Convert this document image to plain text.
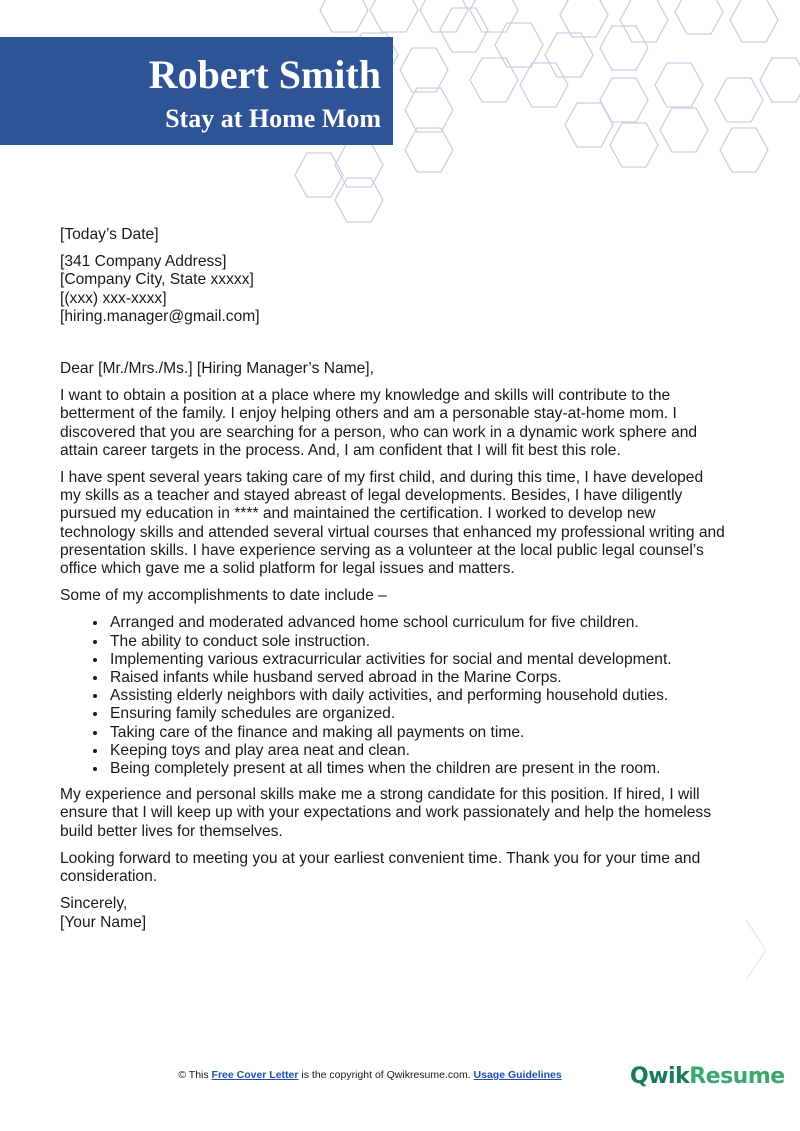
Robert Smith
Stay at Home Mom

[Today’s Date]

[341 Company Address]
[Company City, State xxxxx]
[(xxx) xxx-xxxx]
[hiring.manager@gmail.com]

Dear [Mr./Mrs./Ms.] [Hiring Manager’s Name],

I want to obtain a position at a place where my knowledge and skills will contribute to the
betterment of the family. I enjoy helping others and am a personable stay-at-home mom. I
discovered that you are searching for a person, who can work in a dynamic work sphere and
attain career targets in the process. And, I am confident that I will fit best this role.

I have spent several years taking care of my first child, and during this time, I have developed
my skills as a teacher and stayed abreast of legal developments. Besides, I have diligently
pursued my education in **** and maintained the certification. I worked to develop new
technology skills and attended several virtual courses that enhanced my professional writing and
presentation skills. I have experience serving as a volunteer at the local public legal counsel’s
office which gave me a solid platform for legal issues and matters.

Some of my accomplishments to date include –

• Arranged and moderated advanced home school curriculum for five children.
• The ability to conduct sole instruction.
• Implementing various extracurricular activities for social and mental development.
• Raised infants while husband served abroad in the Marine Corps.
• Assisting elderly neighbors with daily activities, and performing household duties.
• Ensuring family schedules are organized.
• Taking care of the finance and making all payments on time.
• Keeping toys and play area neat and clean.
• Being completely present at all times when the children are present in the room.

My experience and personal skills make me a strong candidate for this position. If hired, I will
ensure that I will keep up with your expectations and work passionately and help the homeless
build better lives for themselves.

Looking forward to meeting you at your earliest convenient time. Thank you for your time and
consideration.

Sincerely,
[Your Name]

© This Free Cover Letter is the copyright of Qwikresume.com. Usage Guidelines	QwikResume
